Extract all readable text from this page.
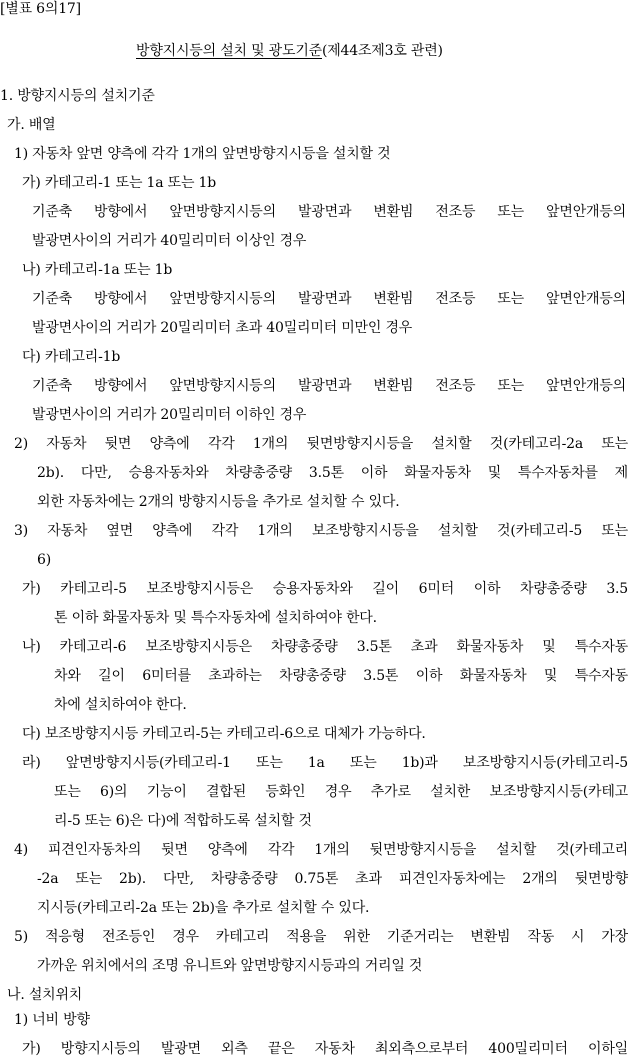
[별표 6의17]
방향지시등의 설치 및 광도기준(제44조제3호 관련)
1. 방향지시등의 설치기준
가. 배열
1) 자동차 앞면 양측에 각각 1개의 앞면방향지시등을 설치할 것
가) 카테고리-1 또는 1a 또는 1b
기준축 방향에서 앞면방향지시등의 발광면과 변환빔 전조등 또는 앞면안개등의
발광면사이의 거리가 40밀리미터 이상인 경우
나) 카테고리-1a 또는 1b
기준축 방향에서 앞면방향지시등의 발광면과 변환빔 전조등 또는 앞면안개등의
발광면사이의 거리가 20밀리미터 초과 40밀리미터 미만인 경우
다) 카테고리-1b
기준축 방향에서 앞면방향지시등의 발광면과 변환빔 전조등 또는 앞면안개등의
발광면사이의 거리가 20밀리미터 이하인 경우
2) 자동차 뒷면 양측에 각각 1개의 뒷면방향지시등을 설치할 것(카테고리-2a 또는
2b). 다만, 승용자동차와 차량총중량 3.5톤 이하 화물자동차 및 특수자동차를 제
외한 자동차에는 2개의 방향지시등을 추가로 설치할 수 있다.
3) 자동차 옆면 양측에 각각 1개의 보조방향지시등을 설치할 것(카테고리-5 또는
6)
가) 카테고리-5 보조방향지시등은 승용자동차와 길이 6미터 이하 차량총중량 3.5
톤 이하 화물자동차 및 특수자동차에 설치하여야 한다.
나) 카테고리-6 보조방향지시등은 차량총중량 3.5톤 초과 화물자동차 및 특수자동
차와 길이 6미터를 초과하는 차량총중량 3.5톤 이하 화물자동차 및 특수자동
차에 설치하여야 한다.
다) 보조방향지시등 카테고리-5는 카테고리-6으로 대체가 가능하다.
라) 앞면방향지시등(카테고리-1 또는 1a 또는 1b)과 보조방향지시등(카테고리-5
또는 6)의 기능이 결합된 등화인 경우 추가로 설치한 보조방향지시등(카테고
리-5 또는 6)은 다)에 적합하도록 설치할 것
4) 피견인자동차의 뒷면 양측에 각각 1개의 뒷면방향지시등을 설치할 것(카테고리
-2a 또는 2b). 다만, 차량총중량 0.75톤 초과 피견인자동차에는 2개의 뒷면방향
지시등(카테고리-2a 또는 2b)을 추가로 설치할 수 있다.
5) 적응형 전조등인 경우 카테고리 적용을 위한 기준거리는 변환빔 작동 시 가장
가까운 위치에서의 조명 유니트와 앞면방향지시등과의 거리일 것
나. 설치위치
1) 너비 방향
가) 방향지시등의 발광면 외측 끝은 자동차 최외측으로부터 400밀리미터 이하일
